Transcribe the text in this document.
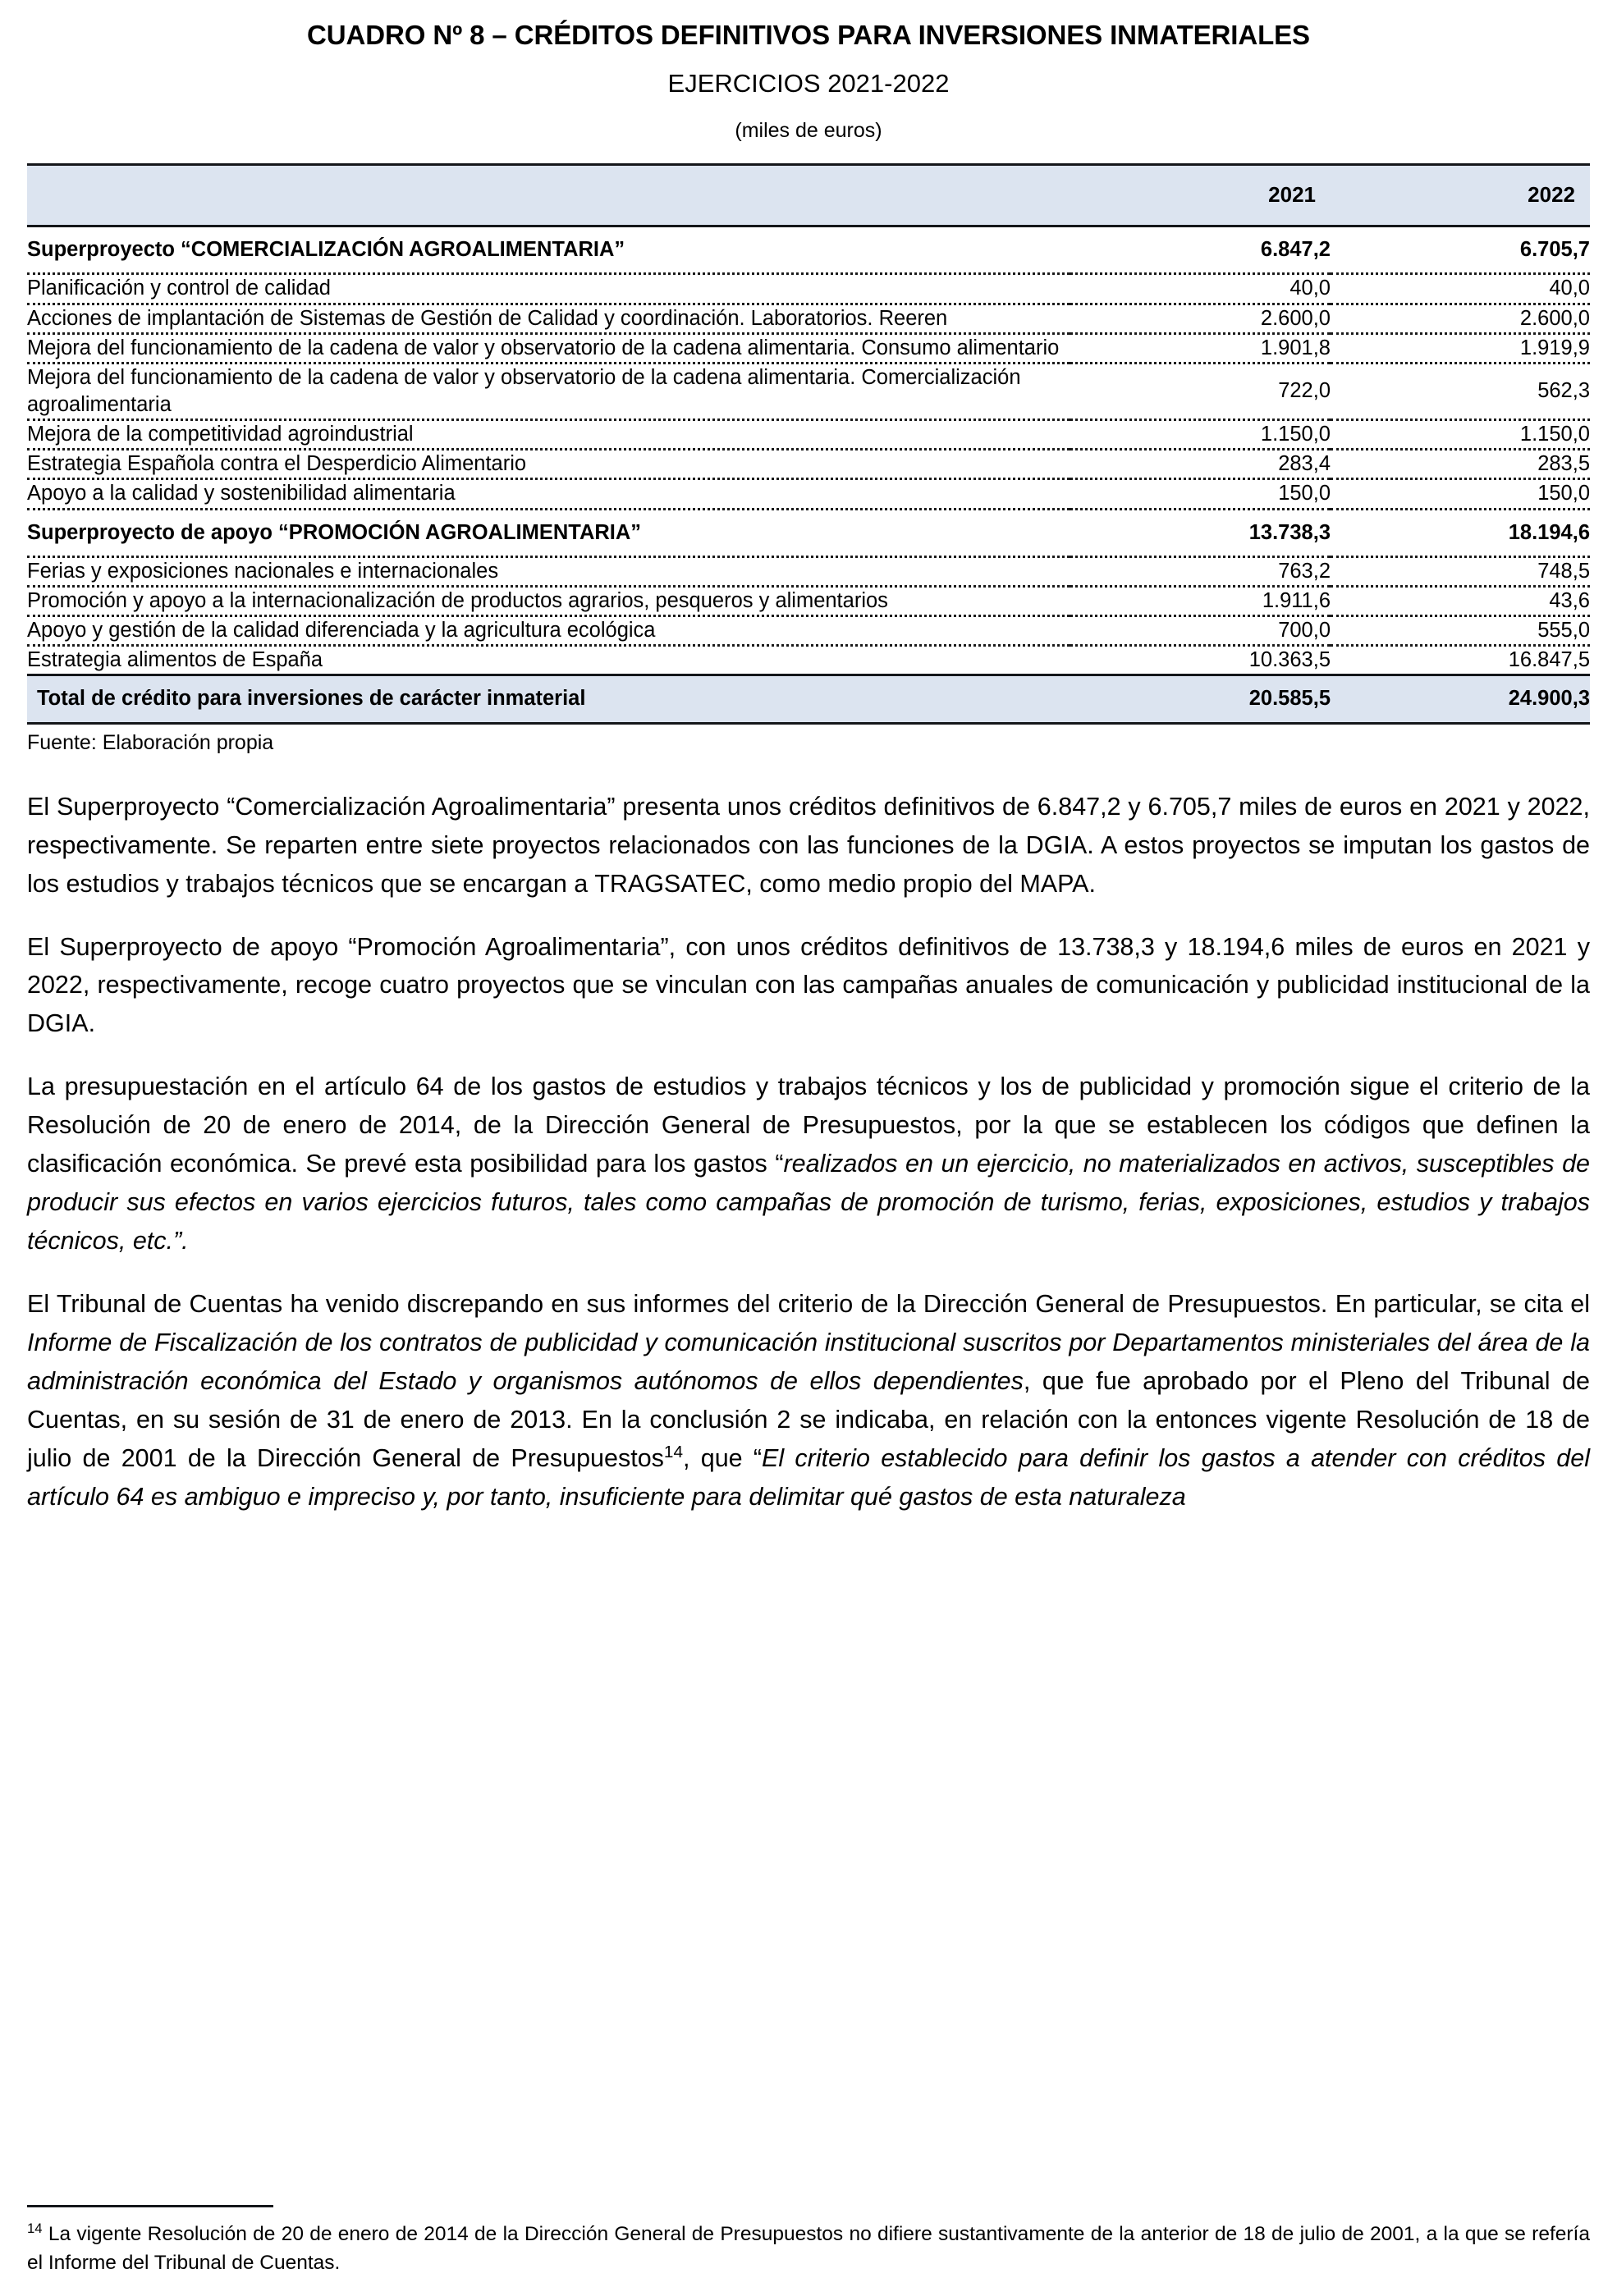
CUADRO Nº 8 – CRÉDITOS DEFINITIVOS PARA INVERSIONES INMATERIALES
EJERCICIOS 2021-2022
(miles de euros)
	2021	2022
Superproyecto “COMERCIALIZACIÓN AGROALIMENTARIA”	6.847,2	6.705,7
Planificación y control de calidad	40,0	40,0
Acciones de implantación de Sistemas de Gestión de Calidad y coordinación. Laboratorios. Reeren	2.600,0	2.600,0
Mejora del funcionamiento de la cadena de valor y observatorio de la cadena alimentaria. Consumo alimentario	1.901,8	1.919,9
Mejora del funcionamiento de la cadena de valor y observatorio de la cadena alimentaria. Comercialización agroalimentaria	722,0	562,3
Mejora de la competitividad agroindustrial	1.150,0	1.150,0
Estrategia Española contra el Desperdicio Alimentario	283,4	283,5
Apoyo a la calidad y sostenibilidad alimentaria	150,0	150,0
Superproyecto de apoyo “PROMOCIÓN AGROALIMENTARIA”	13.738,3	18.194,6
Ferias y exposiciones nacionales e internacionales	763,2	748,5
Promoción y apoyo a la internacionalización de productos agrarios, pesqueros y alimentarios	1.911,6	43,6
Apoyo y gestión de la calidad diferenciada y la agricultura ecológica	700,0	555,0
Estrategia alimentos de España	10.363,5	16.847,5
Total de crédito para inversiones de carácter inmaterial	20.585,5	24.900,3
Fuente: Elaboración propia

El Superproyecto “Comercialización Agroalimentaria” presenta unos créditos definitivos de 6.847,2 y 6.705,7 miles de euros en 2021 y 2022, respectivamente. Se reparten entre siete proyectos relacionados con las funciones de la DGIA. A estos proyectos se imputan los gastos de los estudios y trabajos técnicos que se encargan a TRAGSATEC, como medio propio del MAPA.

El Superproyecto de apoyo “Promoción Agroalimentaria”, con unos créditos definitivos de 13.738,3 y 18.194,6 miles de euros en 2021 y 2022, respectivamente, recoge cuatro proyectos que se vinculan con las campañas anuales de comunicación y publicidad institucional de la DGIA.

La presupuestación en el artículo 64 de los gastos de estudios y trabajos técnicos y los de publicidad y promoción sigue el criterio de la Resolución de 20 de enero de 2014, de la Dirección General de Presupuestos, por la que se establecen los códigos que definen la clasificación económica. Se prevé esta posibilidad para los gastos “realizados en un ejercicio, no materializados en activos, susceptibles de producir sus efectos en varios ejercicios futuros, tales como campañas de promoción de turismo, ferias, exposiciones, estudios y trabajos técnicos, etc.”.

El Tribunal de Cuentas ha venido discrepando en sus informes del criterio de la Dirección General de Presupuestos. En particular, se cita el Informe de Fiscalización de los contratos de publicidad y comunicación institucional suscritos por Departamentos ministeriales del área de la administración económica del Estado y organismos autónomos de ellos dependientes, que fue aprobado por el Pleno del Tribunal de Cuentas, en su sesión de 31 de enero de 2013. En la conclusión 2 se indicaba, en relación con la entonces vigente Resolución de 18 de julio de 2001 de la Dirección General de Presupuestos$^{14}$, que “El criterio establecido para definir los gastos a atender con créditos del artículo 64 es ambiguo e impreciso y, por tanto, insuficiente para delimitar qué gastos de esta naturaleza

$^{14}$ La vigente Resolución de 20 de enero de 2014 de la Dirección General de Presupuestos no difiere sustantivamente de la anterior de 18 de julio de 2001, a la que se refería el Informe del Tribunal de Cuentas.
